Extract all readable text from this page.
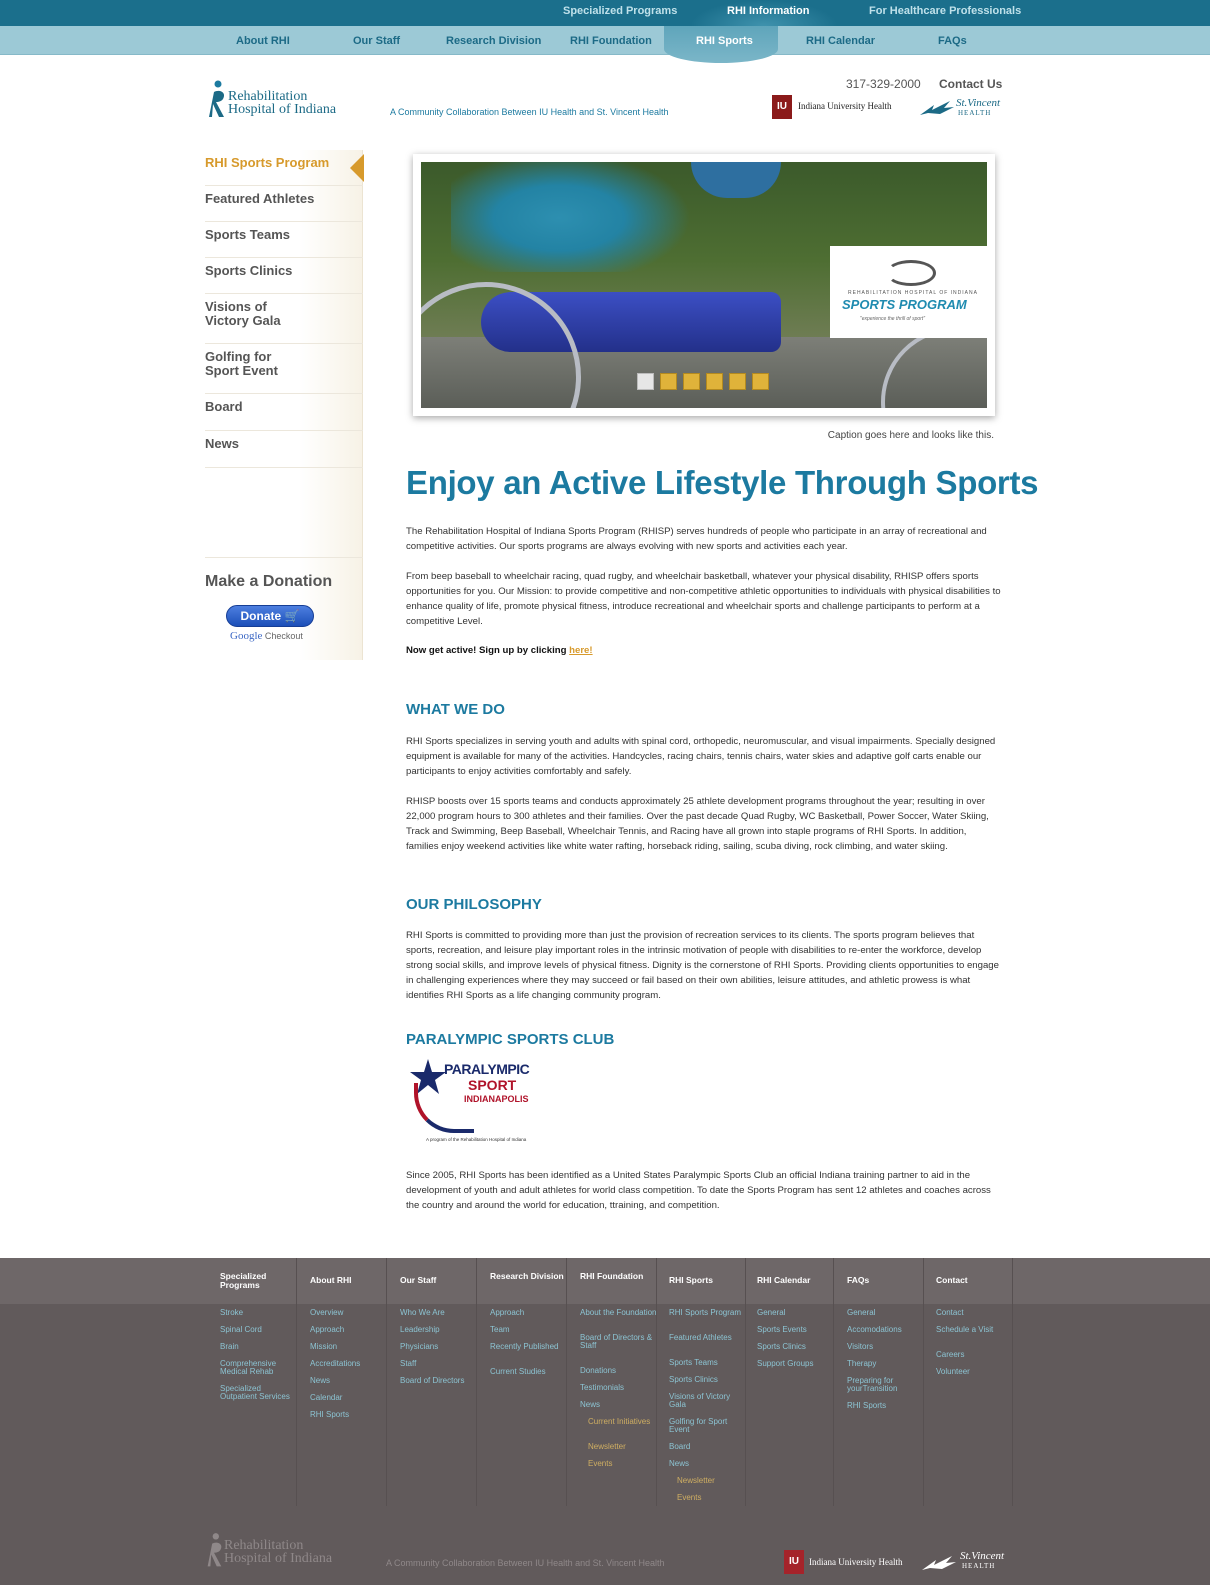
Specialized Programs	RHI Information	For Healthcare Professionals
About RHI	Our Staff	Research Division	RHI Foundation	RHI Calendar	FAQs
RHI Sports
Rehabilitation
Hospital of Indiana	A Community Collaboration Between IU Health and St. Vincent Health
317-329-2000 Contact Us
IU	Indiana University Health	St.Vincent
HEALTH
RHI Sports Program
Featured Athletes
Sports Teams
Sports Clinics
Visions of
Victory Gala
Golfing for
Sport Event
Board
News
Make a Donation
Donate 🛒
Google Checkout
REHABILITATION HOSPITAL OF INDIANA
SPORTS PROGRAM
"experience the thrill of sport"
Caption goes here and looks like this.
Enjoy an Active Lifestyle Through Sports

The Rehabilitation Hospital of Indiana Sports Program (RHISP) serves hundreds of people who participate in an array of recreational and competitive activities. Our sports programs are always evolving with new sports and activities each year.

From beep baseball to wheelchair racing, quad rugby, and wheelchair basketball, whatever your physical disability, RHISP offers sports opportunities for you. Our Mission: to provide competitive and non-competitive athletic opportunities to individuals with physical disabilities to enhance quality of life, promote physical fitness, introduce recreational and wheelchair sports and challenge participants to perform at a competitive Level.

Now get active! Sign up by clicking here!
WHAT WE DO

RHI Sports specializes in serving youth and adults with spinal cord, orthopedic, neuromuscular, and visual impairments. Specially designed equipment is available for many of the activities. Handcycles, racing chairs, tennis chairs, water skies and adaptive golf carts enable our participants to enjoy activities comfortably and safely.

RHISP boosts over 15 sports teams and conducts approximately 25 athlete development programs throughout the year; resulting in over 22,000 program hours to 300 athletes and their families. Over the past decade Quad Rugby, WC Basketball, Power Soccer, Water Skiing, Track and Swimming, Beep Baseball, Wheelchair Tennis, and Racing have all grown into staple programs of RHI Sports. In addition, families enjoy weekend activities like white water rafting, horseback riding, sailing, scuba diving, rock climbing, and water skiing.

OUR PHILOSOPHY

RHI Sports is committed to providing more than just the provision of recreation services to its clients. The sports program believes that sports, recreation, and leisure play important roles in the intrinsic motivation of people with disabilities to re-enter the workforce, develop strong social skills, and improve levels of physical fitness. Dignity is the cornerstone of RHI Sports. Providing clients opportunities to engage in challenging experiences where they may succeed or fail based on their own abilities, leisure attitudes, and athletic prowess is what identifies RHI Sports as a life changing community program.

PARALYMPIC SPORTS CLUB
PARALYMPIC
SPORT
INDIANAPOLIS
A program of the Rehabilitation Hospital of Indiana

Since 2005, RHI Sports has been identified as a United States Paralympic Sports Club an official Indiana training partner to aid in the development of youth and adult athletes for world class competition. To date the Sports Program has sent 12 athletes and coaches across the country and around the world for education, ttraining, and competition.

Specialized Programs
Stroke
Spinal Cord
Brain
Comprehensive Medical Rehab
Specialized Outpatient Services
About RHI
Overview
Approach
Mission
Accreditations
News
Calendar
RHI Sports
Our Staff
Who We Are
Leadership
Physicians
Staff
Board of Directors
Research Division
Approach
Team
Recently Published
Current Studies
RHI Foundation
About the Foundation
Board of Directors & Staff
Donations
Testimonials
News
Current Initiatives
Newsletter
Events
RHI Sports
RHI Sports Program
Featured Athletes
Sports Teams
Sports Clinics
Visions of Victory Gala
Golfing for Sport Event
Board
News
Newsletter
Events
RHI Calendar
General
Sports Events
Sports Clinics
Support Groups
FAQs
General
Accomodations
Visitors
Therapy
Preparing for yourTransition
RHI Sports
Contact
Contact
Schedule a Visit
Careers
Volunteer
Rehabilitation
Hospital of Indiana	A Community Collaboration Between IU Health and St. Vincent Health	IU	Indiana University Health	St.Vincent
HEALTH
